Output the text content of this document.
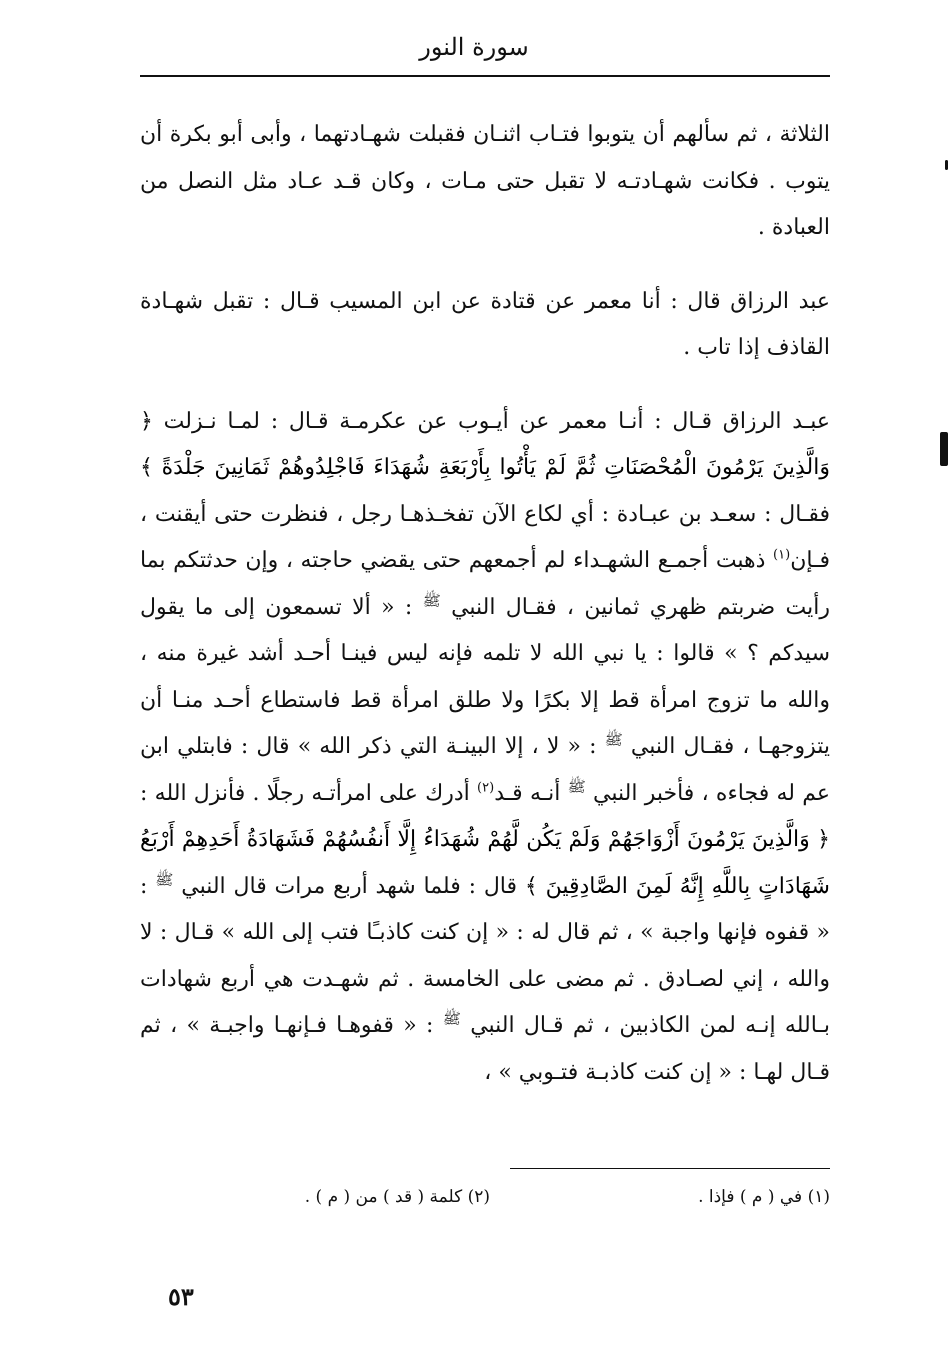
سورة النور

الثلاثة ، ثم سألهم أن يتوبوا فتـاب اثنـان فقبلت شهـادتهما ، وأبى أبو بكرة أن يتوب . فكانت شهـادتـه لا تقبل حتى مـات ، وكان قـد عـاد مثل النصل من العبادة .

عبد الرزاق قال : أنا معمر عن قتادة عن ابن المسيب قـال : تقبل شهـادة القاذف إذا تاب .

عبـد الرزاق قـال : أنـا معمر عن أيـوب عن عكرمـة قـال : لمـا نـزلت ﴿ وَالَّذِينَ يَرْمُونَ الْمُحْصَنَاتِ ثُمَّ لَمْ يَأْتُوا بِأَرْبَعَةِ شُهَدَاءَ فَاجْلِدُوهُمْ ثَمَانِينَ جَلْدَةً ﴾ فقـال : سعـد بن عبـادة : أي لكاع الآن تفخـذهـا رجل ، فنظرت حتى أيقنت ، فـإن$^{(١)}$ ذهبت أجمـع الشهـداء لم أجمعهم حتى يقضي حاجته ، وإن حدثتكم بما رأيت ضربتم ظهري ثمانين ، فقـال النبي $^ﷺ$ : « ألا تسمعون إلى ما يقول سيدكم ؟ » قالوا : يا نبي الله لا تلمه فإنه ليس فينـا أحـد أشد غيرة منه ، والله ما تزوج امرأة قط إلا بكرًا ولا طلق امرأة قط فاستطاع أحـد منـا أن يتزوجهـا ، فقـال النبي $^ﷺ$ : « لا ، إلا البينـة التي ذكر الله » قال : فابتلي ابن عم له فجاءه ، فأخبر النبي $^ﷺ$ أنـه قـد$^{(٢)}$ أدرك على امرأتـه رجلًا . فأنزل الله : ﴿ وَالَّذِينَ يَرْمُونَ أَزْوَاجَهُمْ وَلَمْ يَكُن لَّهُمْ شُهَدَاءُ إِلَّا أَنفُسُهُمْ فَشَهَادَةُ أَحَدِهِمْ أَرْبَعُ شَهَادَاتٍ بِاللَّهِ إِنَّهُ لَمِنَ الصَّادِقِينَ ﴾ قال : فلما شهد أربع مرات قال النبي $^ﷺ$ : « قفوه فإنها واجبة » ، ثم قال له : « إن كنت كاذبـًا فتب إلى الله » قـال : لا والله ، إني لصـادق . ثم مضى على الخامسة . ثم شهـدت هي أربع شهادات بـالله إنـه لمن الكاذبين ، ثم قـال النبي $^ﷺ$ : « قفوهـا فـإنهـا واجبـة » ، ثم قـال لهـا : « إن كنت كاذبـة فتـوبي » ،

(١) في ( م ) فإذا .
(٢) كلمة ( قد ) من ( م ) .
٥٣
